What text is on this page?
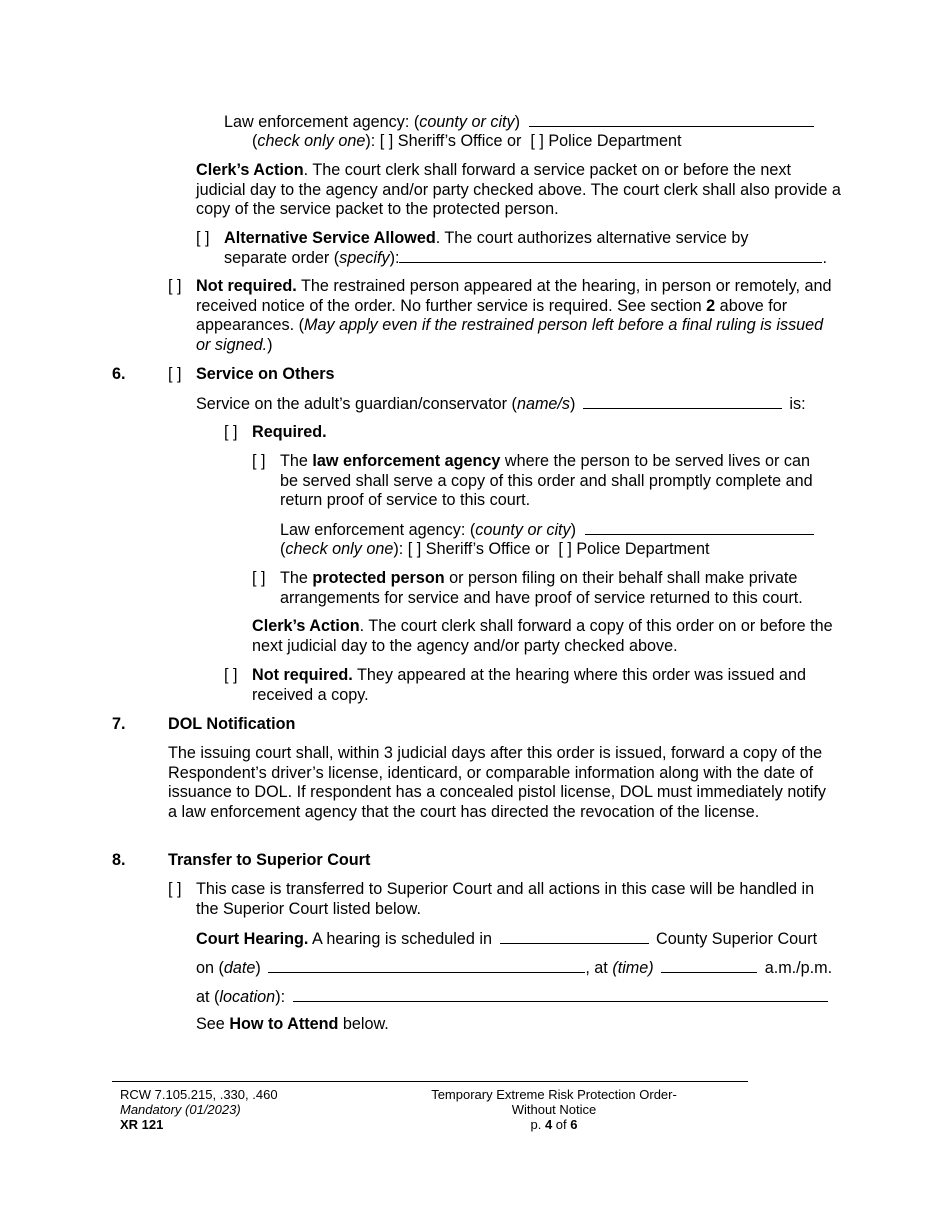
Law enforcement agency: (county or city)
(check only one): [ ] Sheriff’s Office or [ ] Police Department
Clerk’s Action. The court clerk shall forward a service packet on or before the next judicial day to the agency and/or party checked above. The court clerk shall also provide a copy of the service packet to the protected person.
[ ] Alternative Service Allowed. The court authorizes alternative service by
separate order (specify):	.
[ ] Not required. The restrained person appeared at the hearing, in person or remotely, and received notice of the order. No further service is required. See section 2 above for appearances. (May apply even if the restrained person left before a final ruling is issued or signed.)
6.	[ ] Service on Others
Service on the adult’s guardian/conservator (name/s)	is:
[ ] Required.
[ ] The law enforcement agency where the person to be served lives or can be served shall serve a copy of this order and shall promptly complete and return proof of service to this court.
Law enforcement agency: (county or city)
(check only one): [ ] Sheriff’s Office or [ ] Police Department
[ ] The protected person or person filing on their behalf shall make private arrangements for service and have proof of service returned to this court.
Clerk’s Action. The court clerk shall forward a copy of this order on or before the next judicial day to the agency and/or party checked above.
[ ] Not required. They appeared at the hearing where this order was issued and received a copy.
7.	DOL Notification
The issuing court shall, within 3 judicial days after this order is issued, forward a copy of the Respondent’s driver’s license, identicard, or comparable information along with the date of issuance to DOL. If respondent has a concealed pistol license, DOL must immediately notify a law enforcement agency that the court has directed the revocation of the license.
8.	Transfer to Superior Court
[ ] This case is transferred to Superior Court and all actions in this case will be handled in the Superior Court listed below.
Court Hearing. A hearing is scheduled in	County Superior Court
on (date)	, at (time)	a.m./p.m.
at (location):
See How to Attend below.
RCW 7.105.215, .330, .460
Mandatory (01/2023)
XR 121
Temporary Extreme Risk Protection Order-
Without Notice
p. 4 of 6
